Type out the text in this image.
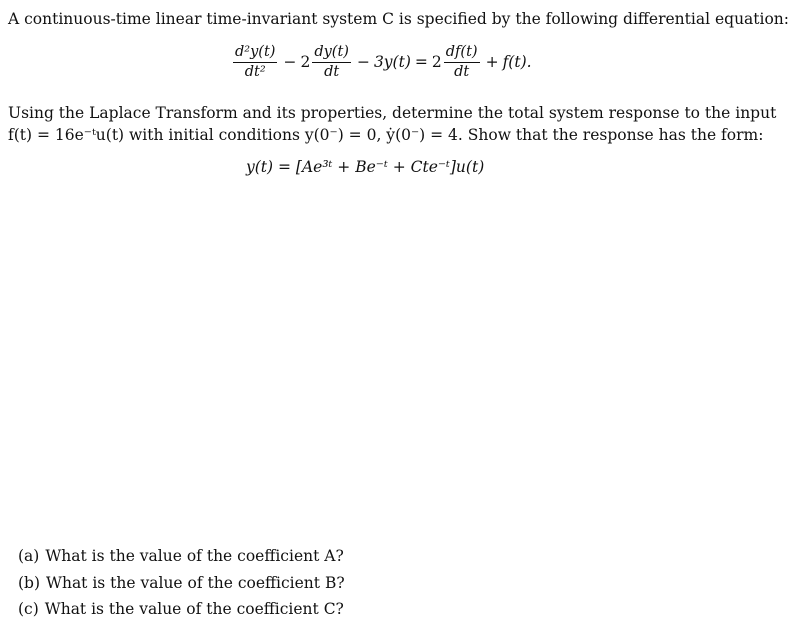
A continuous-time linear time-invariant system C is specified by the following differential equation:
$\frac{\text{d²y(t)}}{\text{dt²}} - 2 \frac{dy(t)}{dt} - 3y(t) = 2 \frac{df(t)}{dt} + f(t)$.
Using the Laplace Transform and its properties, determine the total system response to the input
f(t) = 16e⁻ᵗu(t) with initial conditions y(0⁻) = 0, ẏ(0⁻) = 4. Show that the response has the form:
y(t) = [Ae³ᵗ + Be⁻ᵗ + Cte⁻ᵗ]u(t)
(a) What is the value of the coefficient A?
(b) What is the value of the coefficient B?
(c) What is the value of the coefficient C?
